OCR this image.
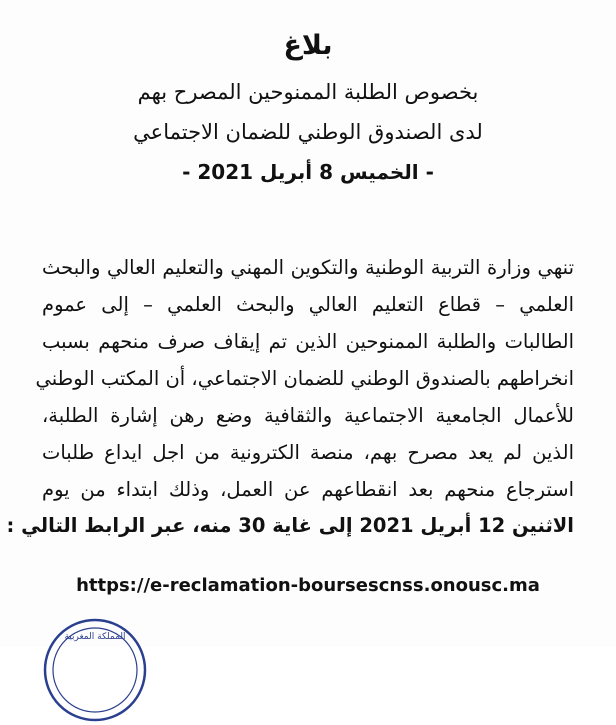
بلاغ
بخصوص الطلبة الممنوحين المصرح بهم
لدى الصندوق الوطني للضمان الاجتماعي
- الخميس 8 أبريل 2021 -
تنهي وزارة التربية الوطنية والتكوين المهني والتعليم العالي والبحث
العلمي – قطاع التعليم العالي والبحث العلمي – إلى عموم
الطالبات والطلبة الممنوحين الذين تم إيقاف صرف منحهم بسبب
انخراطهم بالصندوق الوطني للضمان الاجتماعي، أن المكتب الوطني
للأعمال الجامعية الاجتماعية والثقافية وضع رهن إشارة الطلبة،
الذين لم يعد مصرح بهم، منصة الكترونية من اجل ايداع طلبات
استرجاع منحهم بعد انقطاعهم عن العمل، وذلك ابتداء من يوم
الاثنين 12 أبريل 2021 إلى غاية 30 منه، عبر الرابط التالي :
https://e-reclamation-boursescnss.onousc.ma
المملكة المغربية
